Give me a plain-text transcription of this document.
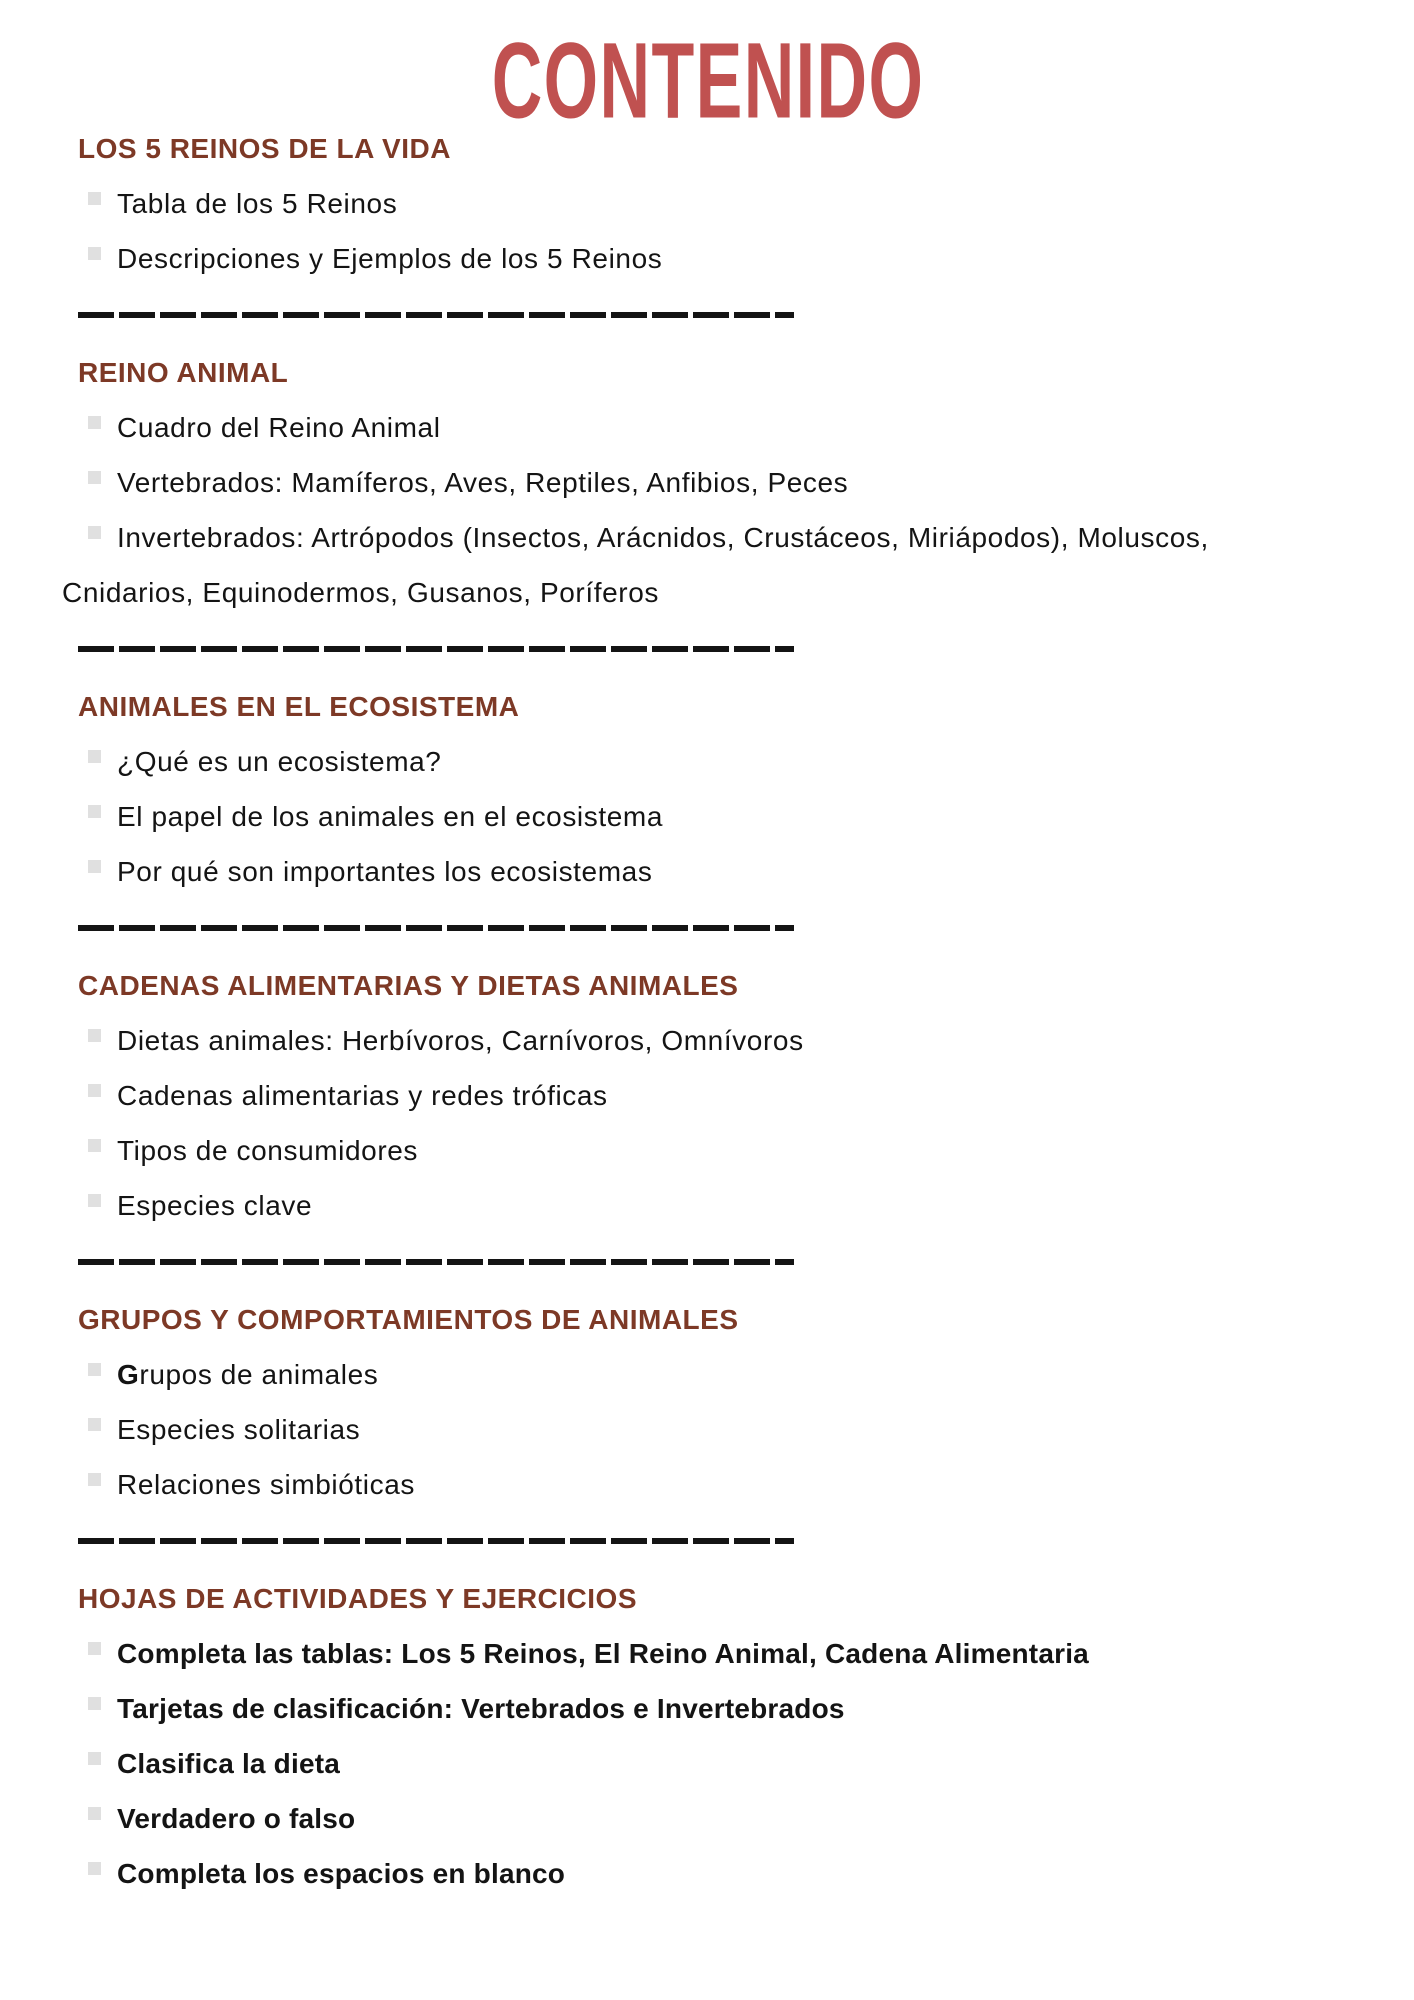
CONTENIDO
LOS 5 REINOS DE LA VIDA
Tabla de los 5 Reinos
Descripciones y Ejemplos de los 5 Reinos
REINO ANIMAL
Cuadro del Reino Animal
Vertebrados: Mamíferos, Aves, Reptiles, Anfibios, Peces
Invertebrados: Artrópodos (Insectos, Arácnidos, Crustáceos, Miriápodos), Moluscos, Cnidarios, Equinodermos, Gusanos, Poríferos
ANIMALES EN EL ECOSISTEMA
¿Qué es un ecosistema?
El papel de los animales en el ecosistema
Por qué son importantes los ecosistemas
CADENAS ALIMENTARIAS Y DIETAS ANIMALES
Dietas animales: Herbívoros, Carnívoros, Omnívoros
Cadenas alimentarias y redes tróficas
Tipos de consumidores
Especies clave
GRUPOS Y COMPORTAMIENTOS DE ANIMALES
Grupos de animales
Especies solitarias
Relaciones simbióticas
HOJAS DE ACTIVIDADES Y EJERCICIOS
Completa las tablas: Los 5 Reinos, El Reino Animal, Cadena Alimentaria
Tarjetas de clasificación: Vertebrados e Invertebrados
Clasifica la dieta
Verdadero o falso
Completa los espacios en blanco
